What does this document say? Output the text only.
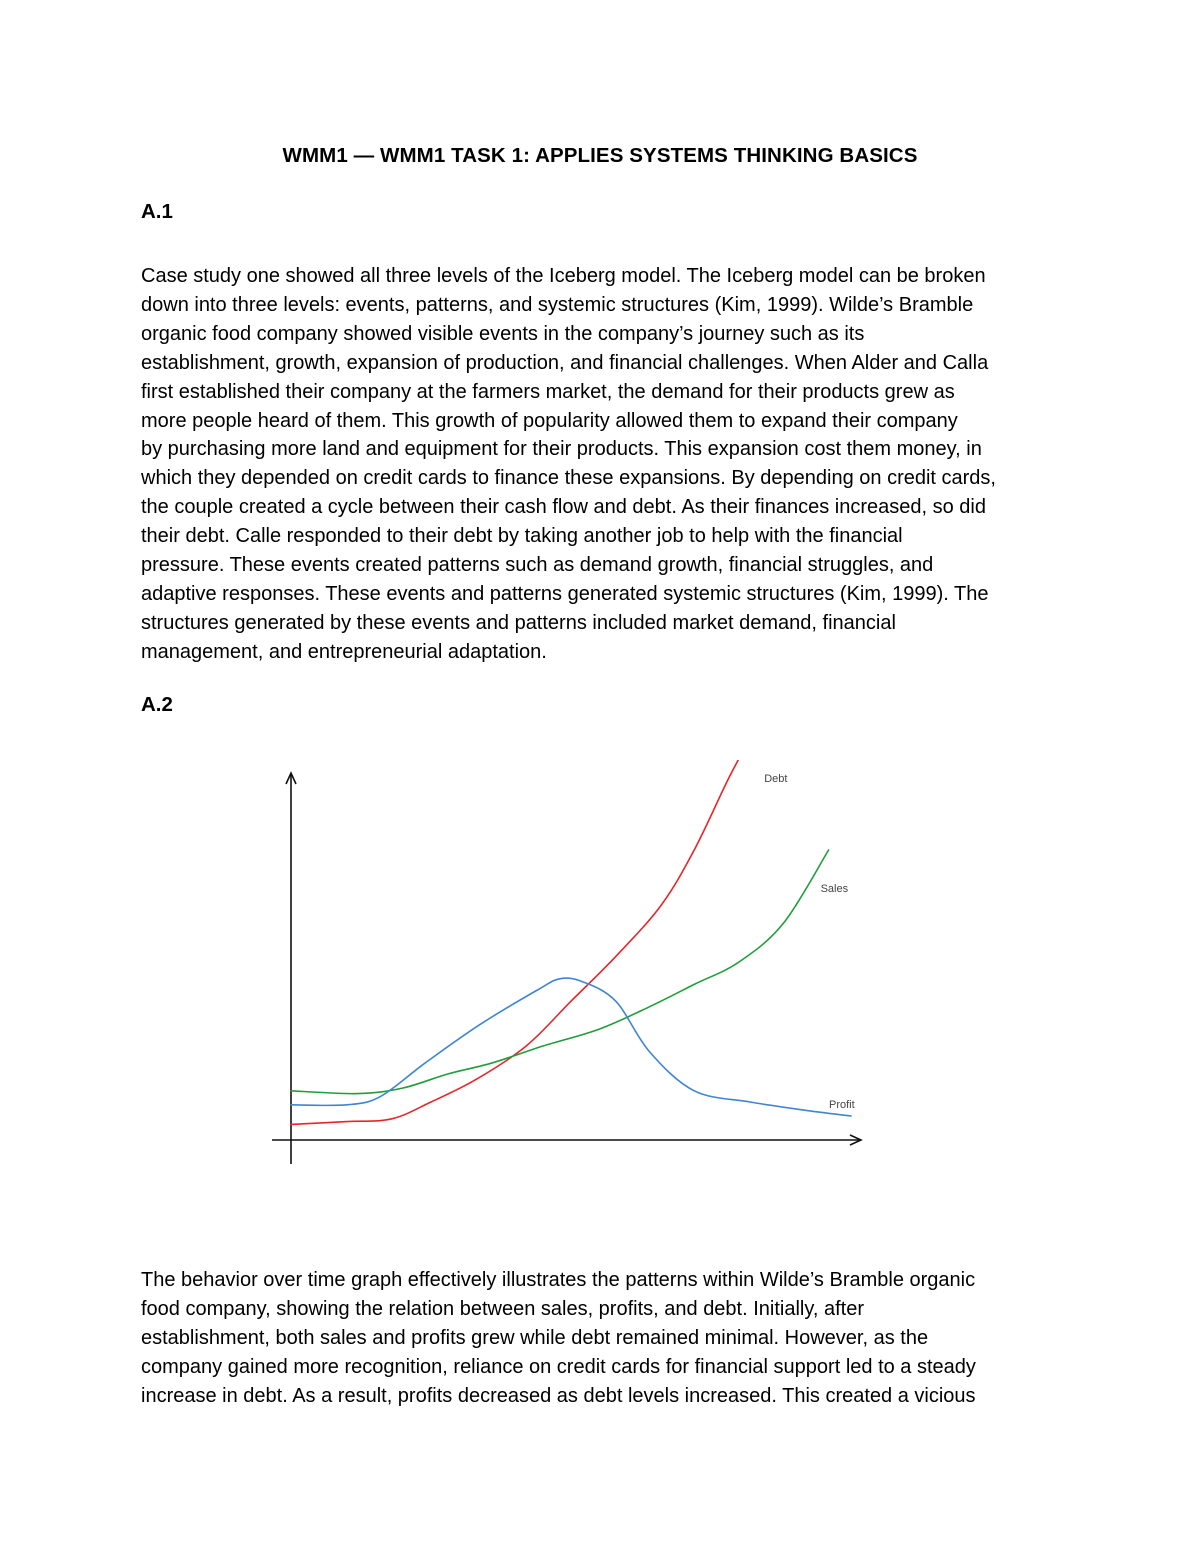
WMM1 — WMM1 TASK 1: APPLIES SYSTEMS THINKING BASICS
A.1

Case study one showed all three levels of the Iceberg model. The Iceberg model can be broken
down into three levels: events, patterns, and systemic structures (Kim, 1999). Wilde’s Bramble
organic food company showed visible events in the company’s journey such as its
establishment, growth, expansion of production, and financial challenges. When Alder and Calla
first established their company at the farmers market, the demand for their products grew as
more people heard of them. This growth of popularity allowed them to expand their company
by purchasing more land and equipment for their products. This expansion cost them money, in
which they depended on credit cards to finance these expansions. By depending on credit cards,
the couple created a cycle between their cash flow and debt. As their finances increased, so did
their debt. Calle responded to their debt by taking another job to help with the financial
pressure. These events created patterns such as demand growth, financial struggles, and
adaptive responses. These events and patterns generated systemic structures (Kim, 1999). The
structures generated by these events and patterns included market demand, financial
management, and entrepreneurial adaptation.

A.2
Debt
Sales
Profit

The behavior over time graph effectively illustrates the patterns within Wilde’s Bramble organic
food company, showing the relation between sales, profits, and debt. Initially, after
establishment, both sales and profits grew while debt remained minimal. However, as the
company gained more recognition, reliance on credit cards for financial support led to a steady
increase in debt. As a result, profits decreased as debt levels increased. This created a vicious
